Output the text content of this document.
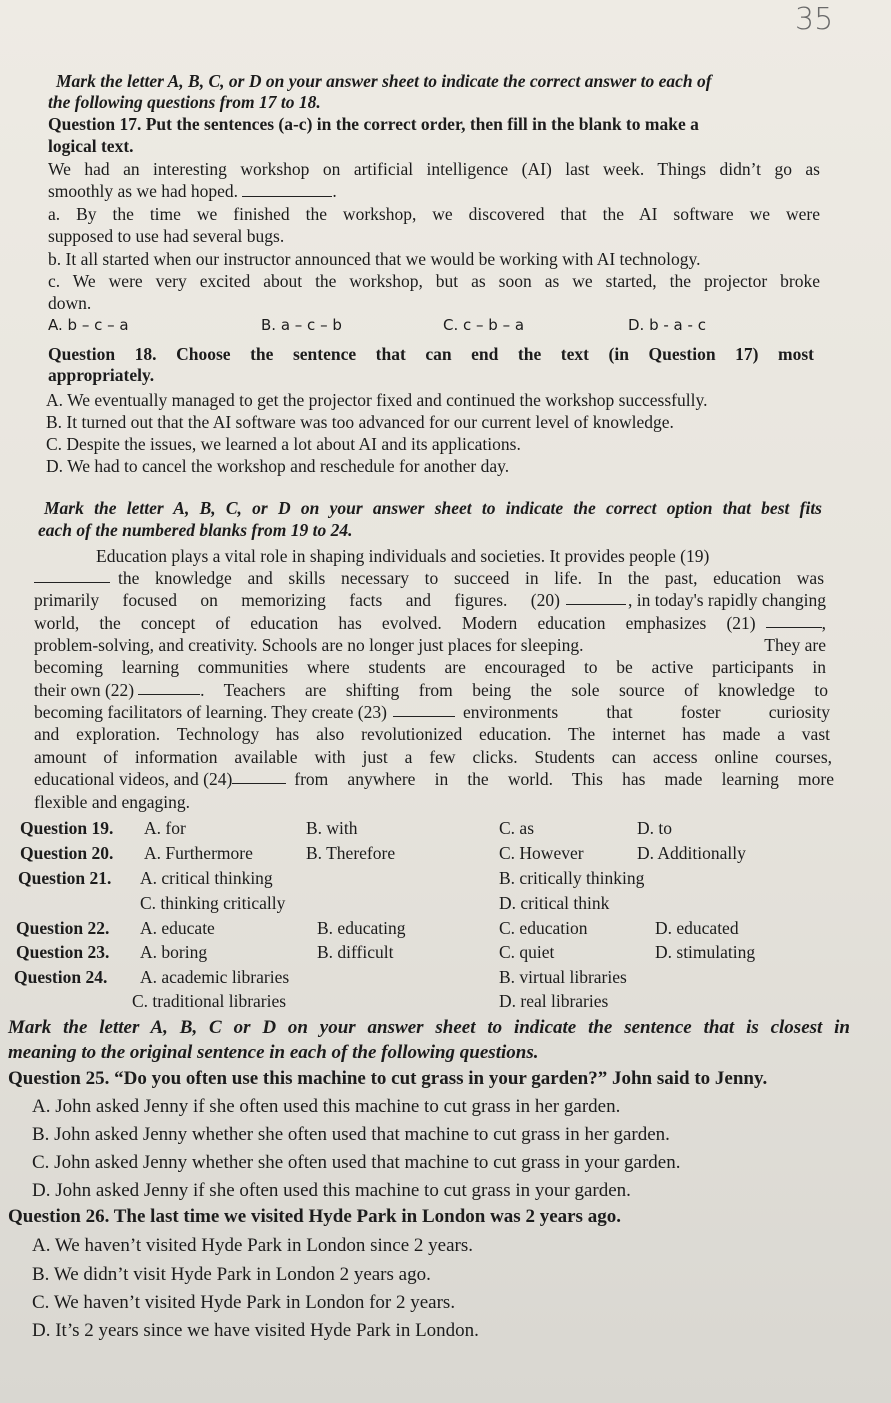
35
Mark the letter A, B, C, or D on your answer sheet to indicate the correct answer to each of
the following questions from 17 to 18.
Question 17. Put the sentences (a-c) in the correct order, then fill in the blank to make a
logical text.
We had an interesting workshop on artificial intelligence (AI) last week. Things didn’t go as
smoothly as we had hoped.	.
a. By the time we finished the workshop, we discovered that the AI software we were
supposed to use had several bugs.
b. It all started when our instructor announced that we would be working with AI technology.
c. We were very excited about the workshop, but as soon as we started, the projector broke
down.
A. b – c – a	B. a – c – b	C. c – b – a	D. b - a - c
Question 18. Choose the sentence that can end the text (in Question 17) most
appropriately.
A. We eventually managed to get the projector fixed and continued the workshop successfully.
B. It turned out that the AI software was too advanced for our current level of knowledge.
C. Despite the issues, we learned a lot about AI and its applications.
D. We had to cancel the workshop and reschedule for another day.
Mark the letter A, B, C, or D on your answer sheet to indicate the correct option that best fits
each of the numbered blanks from 19 to 24.
Education plays a vital role in shaping individuals and societies. It provides people (19)
the knowledge and skills necessary to succeed in life. In the past, education was
primarily focused on memorizing facts and figures. (20)	, in today's rapidly changing
world, the concept of education has evolved. Modern education emphasizes (21)	,
problem-solving, and creativity. Schools are no longer just places for sleeping.	They are
becoming learning communities where students are encouraged to be active participants in
their own (22)	. Teachers are shifting from being the sole source of knowledge to
becoming facilitators of learning. They create (23)	environments that foster curiosity
and exploration. Technology has also revolutionized education. The internet has made a vast
amount of information available with just a few clicks. Students can access online courses,
educational videos, and (24)	from anywhere in the world. This has made learning more
flexible and engaging.
Question 19. A. for	B. with	C. as	D. to
Question 20. A. Furthermore	B. Therefore	C. However	D. Additionally
Question 21. A. critical thinking	B. critically thinking
C. thinking critically	D. critical think
Question 22. A. educate	B. educating	C. education	D. educated
Question 23. A. boring	B. difficult	C. quiet	D. stimulating
Question 24. A. academic libraries	B. virtual libraries
C. traditional libraries	D. real libraries
Mark the letter A, B, C or D on your answer sheet to indicate the sentence that is closest in
meaning to the original sentence in each of the following questions.
Question 25. “Do you often use this machine to cut grass in your garden?” John said to Jenny.
A. John asked Jenny if she often used this machine to cut grass in her garden.
B. John asked Jenny whether she often used that machine to cut grass in her garden.
C. John asked Jenny whether she often used that machine to cut grass in your garden.
D. John asked Jenny if she often used this machine to cut grass in your garden.
Question 26. The last time we visited Hyde Park in London was 2 years ago.
A. We haven’t visited Hyde Park in London since 2 years.
B. We didn’t visit Hyde Park in London 2 years ago.
C. We haven’t visited Hyde Park in London for 2 years.
D. It’s 2 years since we have visited Hyde Park in London.
